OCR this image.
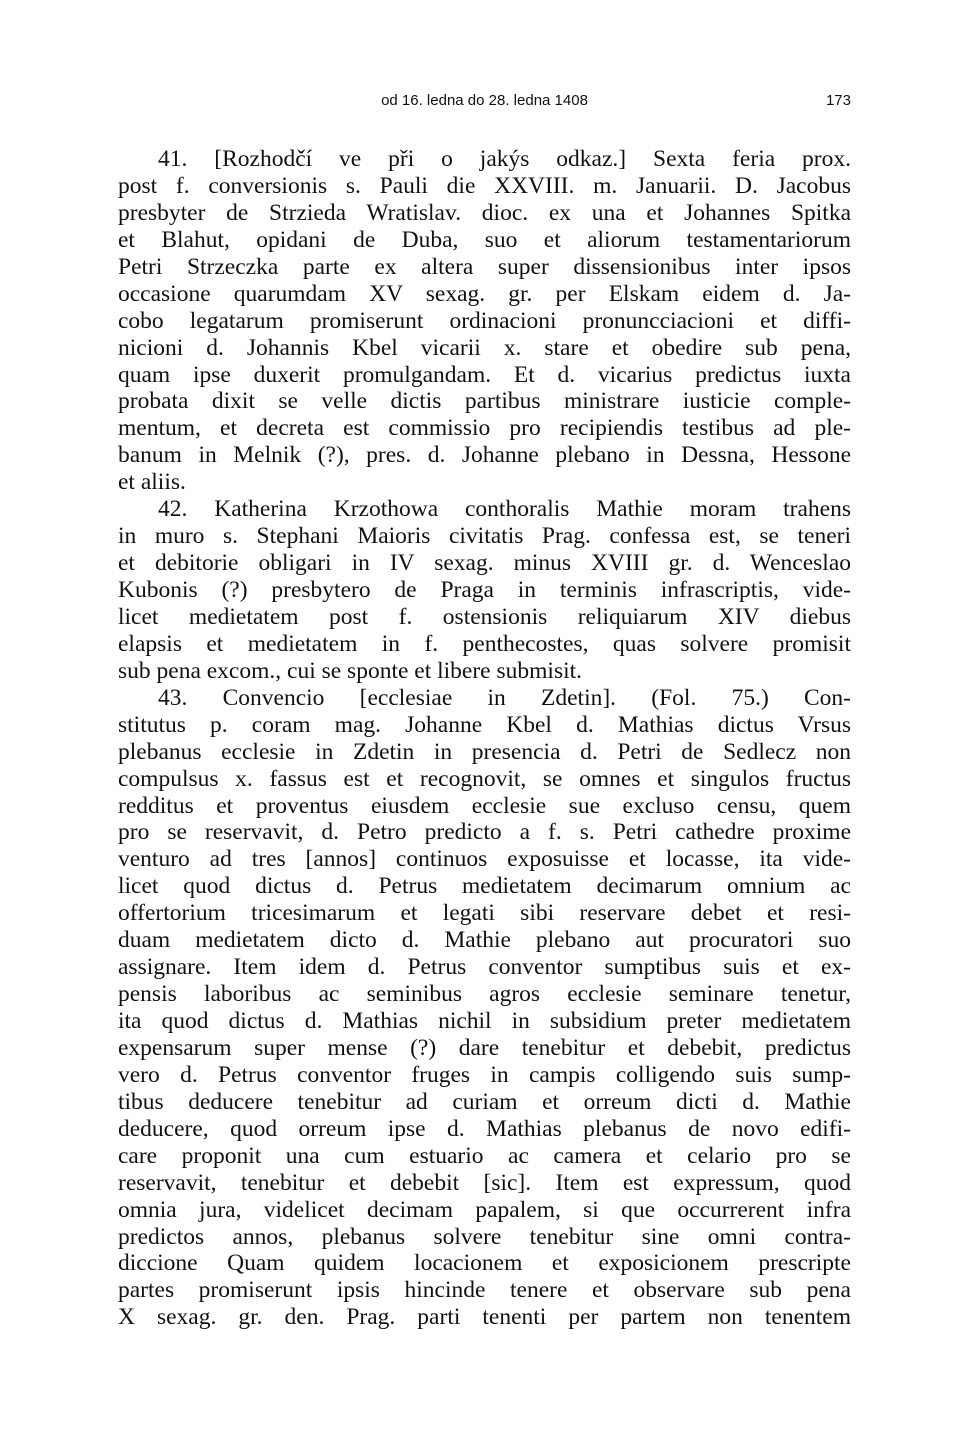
od 16. ledna do 28. ledna 1408	173
41. [Rozhodčí ve při o jakýs odkaz.] Sexta feria prox.
post f. conversionis s. Pauli die XXVIII. m. Januarii. D. Jacobus
presbyter de Strzieda Wratislav. dioc. ex una et Johannes Spitka
et Blahut, opidani de Duba, suo et aliorum testamentariorum
Petri Strzeczka parte ex altera super dissensionibus inter ipsos
occasione quarumdam XV sexag. gr. per Elskam eidem d. Ja-
cobo legatarum promiserunt ordinacioni pronuncciacioni et diffi-
nicioni d. Johannis Kbel vicarii x. stare et obedire sub pena,
quam ipse duxerit promulgandam. Et d. vicarius predictus iuxta
probata dixit se velle dictis partibus ministrare iusticie comple-
mentum, et decreta est commissio pro recipiendis testibus ad ple-
banum in Melnik (?), pres. d. Johanne plebano in Dessna, Hessone
et aliis.
42. Katherina Krzothowa conthoralis Mathie moram trahens
in muro s. Stephani Maioris civitatis Prag. confessa est, se teneri
et debitorie obligari in IV sexag. minus XVIII gr. d. Wenceslao
Kubonis (?) presbytero de Praga in terminis infrascriptis, vide-
licet medietatem post f. ostensionis reliquiarum XIV diebus
elapsis et medietatem in f. penthecostes, quas solvere promisit
sub pena excom., cui se sponte et libere submisit.
43. Convencio [ecclesiae in Zdetin]. (Fol. 75.) Con-
stitutus p. coram mag. Johanne Kbel d. Mathias dictus Vrsus
plebanus ecclesie in Zdetin in presencia d. Petri de Sedlecz non
compulsus x. fassus est et recognovit, se omnes et singulos fructus
redditus et proventus eiusdem ecclesie sue excluso censu, quem
pro se reservavit, d. Petro predicto a f. s. Petri cathedre proxime
venturo ad tres [annos] continuos exposuisse et locasse, ita vide-
licet quod dictus d. Petrus medietatem decimarum omnium ac
offertorium tricesimarum et legati sibi reservare debet et resi-
duam medietatem dicto d. Mathie plebano aut procuratori suo
assignare. Item idem d. Petrus conventor sumptibus suis et ex-
pensis laboribus ac seminibus agros ecclesie seminare tenetur,
ita quod dictus d. Mathias nichil in subsidium preter medietatem
expensarum super mense (?) dare tenebitur et debebit, predictus
vero d. Petrus conventor fruges in campis colligendo suis sump-
tibus deducere tenebitur ad curiam et orreum dicti d. Mathie
deducere, quod orreum ipse d. Mathias plebanus de novo edifi-
care proponit una cum estuario ac camera et celario pro se
reservavit, tenebitur et debebit [sic]. Item est expressum, quod
omnia jura, videlicet decimam papalem, si que occurrerent infra
predictos annos, plebanus solvere tenebitur sine omni contra-
diccione Quam quidem locacionem et exposicionem prescripte
partes promiserunt ipsis hincinde tenere et observare sub pena
X sexag. gr. den. Prag. parti tenenti per partem non tenentem
